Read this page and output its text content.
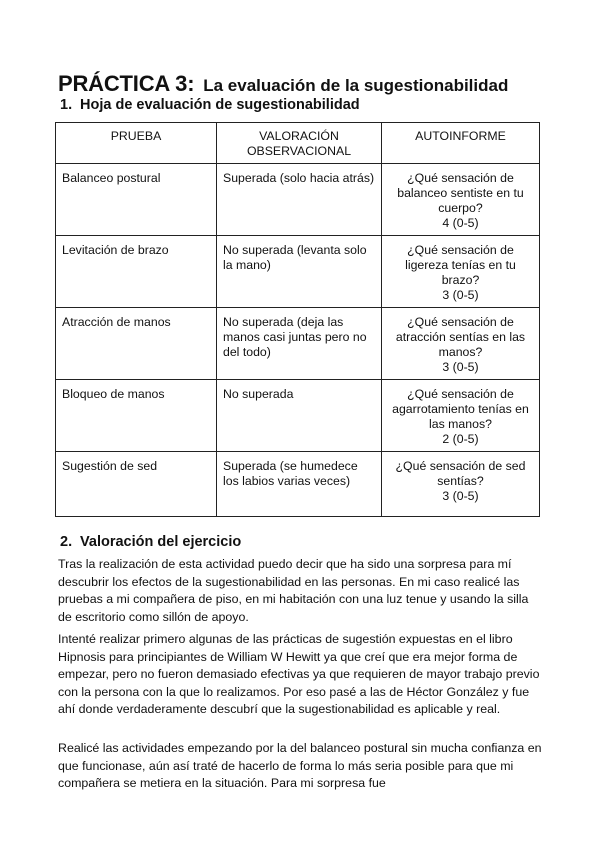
PRÁCTICA 3: La evaluación de la sugestionabilidad
1. Hoja de evaluación de sugestionabilidad
PRUEBA	VALORACIÓN OBSERVACIONAL	AUTOINFORME
Balanceo postural	Superada (solo hacia atrás)	¿Qué sensación de balanceo sentiste en tu cuerpo?
4 (0-5)

Levitación de brazo	No superada (levanta solo la mano)	¿Qué sensación de ligereza tenías en tu brazo?
3 (0-5)

Atracción de manos	No superada (deja las manos casi juntas pero no del todo)	¿Qué sensación de atracción sentías en las manos?
3 (0-5)

Bloqueo de manos	No superada	¿Qué sensación de agarrotamiento tenías en las manos?
2 (0-5)

Sugestión de sed	Superada (se humedece los labios varias veces)	¿Qué sensación de sed sentías?
3 (0-5)
2. Valoración del ejercicio

Tras la realización de esta actividad puedo decir que ha sido una sorpresa para mí descubrir los efectos de la sugestionabilidad en las personas. En mi caso realicé las pruebas a mi compañera de piso, en mi habitación con una luz tenue y usando la silla de escritorio como sillón de apoyo.

Intenté realizar primero algunas de las prácticas de sugestión expuestas en el libro Hipnosis para principiantes de William W Hewitt ya que creí que era mejor forma de empezar, pero no fueron demasiado efectivas ya que requieren de mayor trabajo previo con la persona con la que lo realizamos. Por eso pasé a las de Héctor González y fue ahí donde verdaderamente descubrí que la sugestionabilidad es aplicable y real.

Realicé las actividades empezando por la del balanceo postural sin mucha confianza en que funcionase, aún así traté de hacerlo de forma lo más seria posible para que mi compañera se metiera en la situación. Para mi sorpresa fue
